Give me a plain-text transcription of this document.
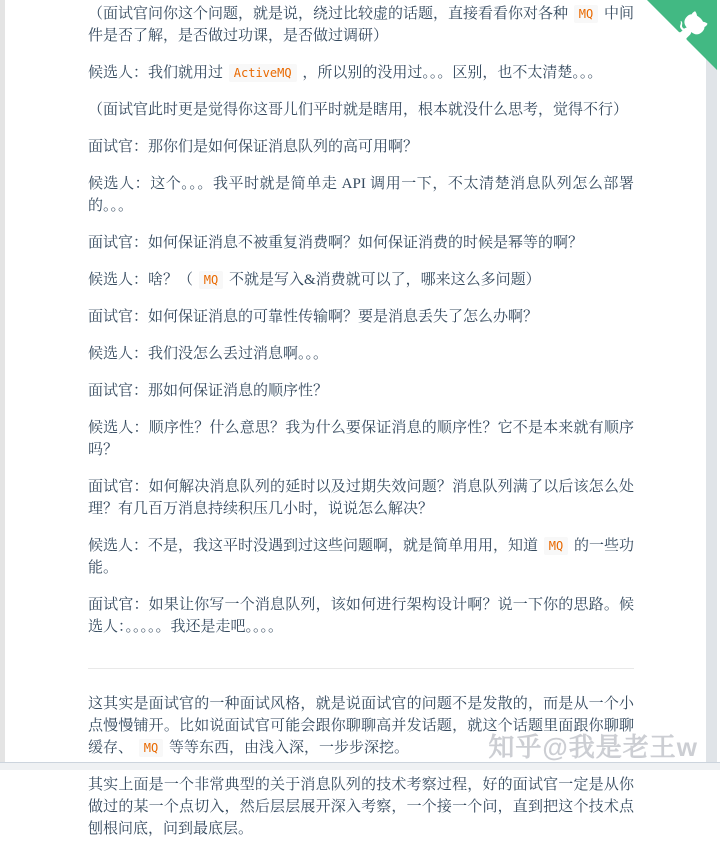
（面试官问你这个问题，就是说，绕过比较虚的话题，直接看看你对各种 MQ 中间件是否了解，是否做过功课，是否做过调研）

候选人：我们就用过 ActiveMQ ，所以别的没用过。。。区别，也不太清楚。。。

（面试官此时更是觉得你这哥儿们平时就是瞎用，根本就没什么思考，觉得不行）

面试官：那你们是如何保证消息队列的高可用啊？

候选人：这个。。。我平时就是简单走 API 调用一下，不太清楚消息队列怎么部署的。。。

面试官：如何保证消息不被重复消费啊？如何保证消费的时候是幂等的啊？

候选人：啥？（ MQ 不就是写入&消费就可以了，哪来这么多问题）

面试官：如何保证消息的可靠性传输啊？要是消息丢失了怎么办啊？

候选人：我们没怎么丢过消息啊。。。

面试官：那如何保证消息的顺序性？

候选人：顺序性？什么意思？我为什么要保证消息的顺序性？它不是本来就有顺序吗？

面试官：如何解决消息队列的延时以及过期失效问题？消息队列满了以后该怎么处理？有几百万消息持续积压几小时，说说怎么解决？

候选人：不是，我这平时没遇到过这些问题啊，就是简单用用，知道 MQ 的一些功能。

面试官：如果让你写一个消息队列，该如何进行架构设计啊？说一下你的思路。候选人：。。。。。我还是走吧。。。。

这其实是面试官的一种面试风格，就是说面试官的问题不是发散的，而是从一个小点慢慢铺开。比如说面试官可能会跟你聊聊高并发话题，就这个话题里面跟你聊聊缓存、 MQ 等等东西，由浅入深，一步步深挖。

其实上面是一个非常典型的关于消息队列的技术考察过程，好的面试官一定是从你做过的某一个点切入，然后层层展开深入考察，一个接一个问，直到把这个技术点刨根问底，问到最底层。

知乎@我是老王w
